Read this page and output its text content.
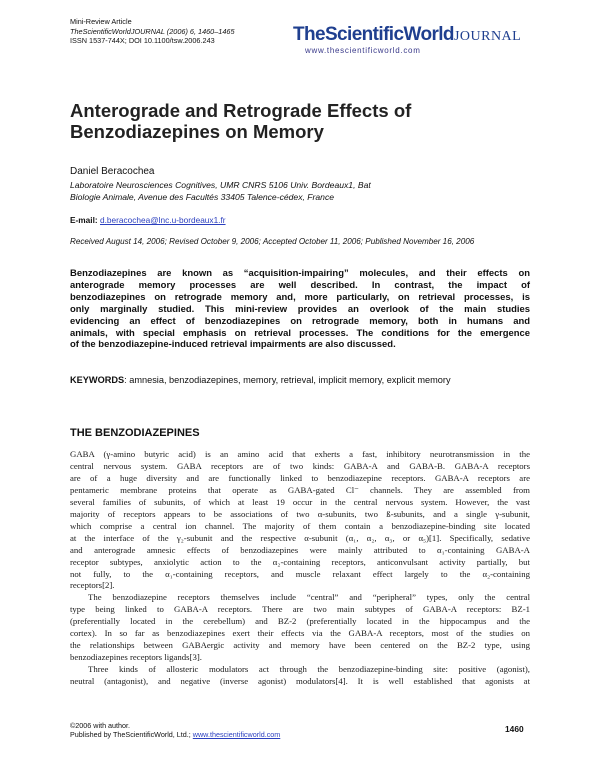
Mini-Review Article
TheScientificWorldJOURNAL (2006) 6, 1460–1465
ISSN 1537-744X; DOI 10.1100/tsw.2006.243	TheScientificWorldJOURNAL
www.thescientificworld.com
Anterograde and Retrograde Effects of
Benzodiazepines on Memory
Daniel Beracochea
Laboratoire Neurosciences Cognitives, UMR CNRS 5106 Univ. Bordeaux1, Bat
Biologie Animale, Avenue des Facultés 33405 Talence-cédex, France
E-mail: d.beracochea@lnc.u-bordeaux1.fr
Received August 14, 2006; Revised October 9, 2006; Accepted October 11, 2006; Published November 16, 2006
Benzodiazepines are known as “acquisition-impairing” molecules, and their effects on
anterograde memory processes are well described. In contrast, the impact of
benzodiazepines on retrograde memory and, more particularly, on retrieval processes, is
only marginally studied. This mini-review provides an overlook of the main studies
evidencing an effect of benzodiazepines on retrograde memory, both in humans and
animals, with special emphasis on retrieval processes. The conditions for the emergence
of the benzodiazepine-induced retrieval impairments are also discussed.
KEYWORDS: amnesia, benzodiazepines, memory, retrieval, implicit memory, explicit memory
THE BENZODIAZEPINES
GABA (γ-amino butyric acid) is an amino acid that exherts a fast, inhibitory neurotransmission in the
central nervous system. GABA receptors are of two kinds: GABA-A and GABA-B. GABA-A receptors
are of a huge diversity and are functionally linked to benzodiazepine receptors. GABA-A receptors are
pentameric membrane proteins that operate as GABA-gated Cl⁻ channels. They are assembled from
several families of subunits, of which at least 19 occur in the central nervous system. However, the vast
majority of receptors appears to be associations of two α-subunits, two ß-subunits, and a single γ-subunit,
which comprise a central ion channel. The majority of them contain a benzodiazepine-binding site located
at the interface of the γ₂-subunit and the respective α-subunit (α₁, α₂, α₃, or α₅)[1]. Specifically, sedative
and anterograde amnesic effects of benzodiazepines were mainly attributed to α₁-containing GABA-A
receptor subtypes, anxiolytic action to the α₂-containing receptors, anticonvulsant activity partially, but
not fully, to the α₁-containing receptors, and muscle relaxant effect largely to the α₂-containing
receptors[2].
The benzodiazepine receptors themselves include “central” and “peripheral” types, only the central
type being linked to GABA-A receptors. There are two main subtypes of GABA-A receptors: BZ-1
(preferentially located in the cerebellum) and BZ-2 (preferentially located in the hippocampus and the
cortex). In so far as benzodiazepines exert their effects via the GABA-A receptors, most of the studies on
the relationships between GABAergic activity and memory have been centered on the BZ-2 type, using
benzodiazepines receptors ligands[3].
Three kinds of allosteric modulators act through the benzodiazepine-binding site: positive (agonist),
neutral (antagonist), and negative (inverse agonist) modulators[4]. It is well established that agonists at
©2006 with author.
Published by TheScientificWorld, Ltd.; www.thescientificworld.com
1460
